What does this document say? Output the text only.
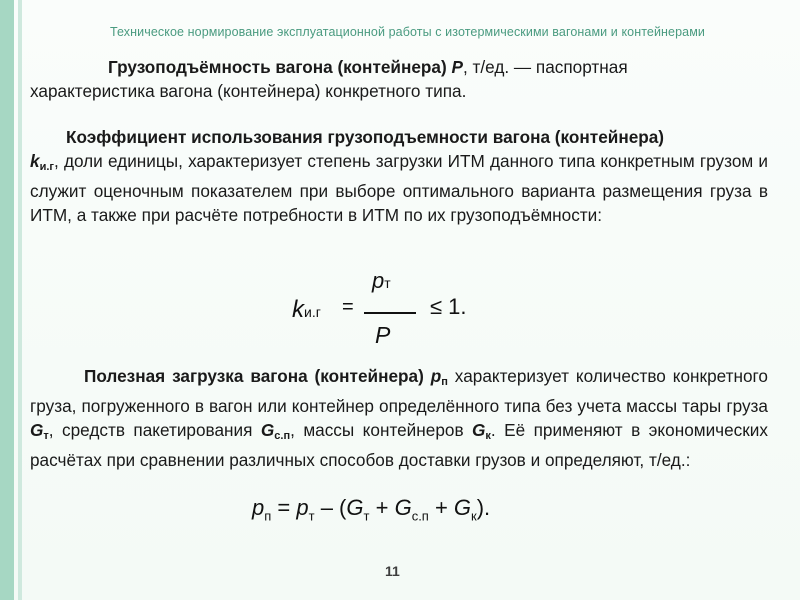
Техническое нормирование эксплуатационной работы с изотермическими вагонами и контейнерами

Грузоподъёмность вагона (контейнера) P, т/ед. — паспортная
характеристика вагона (контейнера) конкретного типа.

Коэффициент использования грузоподъемности вагона (контейнера)
kи.г, доли единицы, характеризует степень загрузки ИТМ данного типа конкретным грузом и служит оценочным показателем при выборе оптимального варианта размещения груза в ИТМ, а также при расчёте потребности в ИТМ по их грузоподъёмности:

kи.г =
pт
P
≤ 1.

Полезная загрузка вагона (контейнера) pп характеризует количество конкретного груза, погруженного в вагон или контейнер определённого типа без учета массы тары груза Gт, средств пакетирования Gс.п, массы контейнеров Gк. Её применяют в экономических расчётах при сравнении различных способов доставки грузов и определяют, т/ед.:

$p_п = p_т - (G_т + G_{с.п} + G_к)$.
11
